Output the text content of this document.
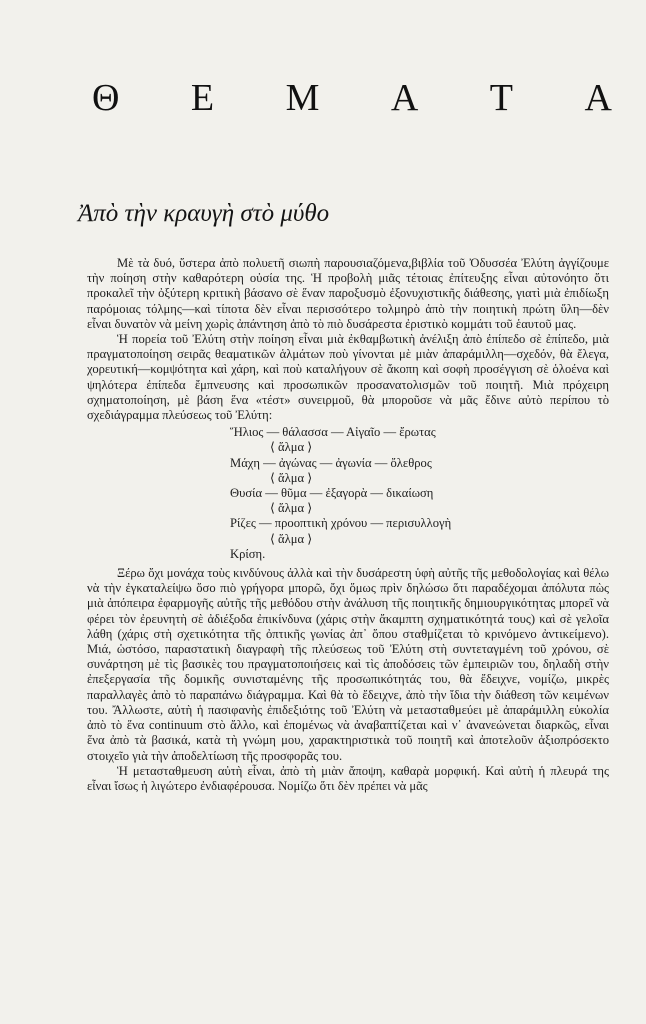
Θ Ε Μ Α Τ Α
Ἀπὸ τὴν κραυγὴ στὸ μύθο

Μὲ τὰ δυό, ὕστερα ἀπὸ πολυετῆ σιωπὴ παρουσιαζόμενα,βιβλία τοῦ Ὀδυσσέα Ἐλύτη ἀγγίζουμε τὴν ποίηση στὴν καθαρότερη οὐσία της. Ἡ προβολὴ μιᾶς τέτοιας ἐπίτευξης εἶναι αὐτονόητο ὅτι προκαλεῖ τὴν ὀξύτερη κριτικὴ βάσανο σὲ ἕναν παροξυσμὸ ἐξονυχιστικῆς διάθεσης, γιατὶ μιὰ ἐπιδίωξη παρόμοιας τόλμης—καὶ τίποτα δὲν εἶναι περισσότερο τολμηρὸ ἀπὸ τὴν ποιητικὴ πρώτη ὕλη—δὲν εἶναι δυνατὸν νὰ μείνη χωρὶς ἀπάντηση ἀπὸ τὸ πιὸ δυσάρεστα ἐριστικὸ κομμάτι τοῦ ἑαυτοῦ μας.

Ἡ πορεία τοῦ Ἐλύτη στὴν ποίηση εἶναι μιὰ ἐκθαμβωτικὴ ἀνέλιξη ἀπὸ ἐπίπεδο σὲ ἐπίπεδο, μιὰ πραγματοποίηση σειρᾶς θεαματικῶν ἁλμάτων ποὺ γίνονται μὲ μιὰν ἀπαράμιλλη—σχεδόν, θὰ ἔλεγα, χορευτική—κομψότητα καὶ χάρη, καὶ ποὺ καταλήγουν σὲ ἄκοπη καὶ σοφὴ προσέγγιση σὲ ὁλοένα καὶ ψηλότερα ἐπίπεδα ἔμπνευσης καὶ προσωπικῶν προσανατολισμῶν τοῦ ποιητῆ. Μιὰ πρόχειρη σχηματοποίηση, μὲ βάση ἕνα «τέστ» συνειρμοῦ, θὰ μποροῦσε νὰ μᾶς ἔδινε αὐτὸ περίπου τὸ σχεδιάγραμμα πλεύσεως τοῦ Ἐλύτη:

Ἥλιος — θάλασσα — Αἰγαῖο — ἔρωτας
⟨ ἅλμα ⟩
Μάχη — ἀγώνας — ἀγωνία — ὄλεθρος
⟨ ἅλμα ⟩
Θυσία — θῦμα — ἐξαγορὰ — δικαίωση
⟨ ἅλμα ⟩
Ρίζες — προοπτικὴ χρόνου — περισυλλογὴ
⟨ ἅλμα ⟩
Κρίση.

Ξέρω ὄχι μονάχα τοὺς κινδύνους ἀλλὰ καὶ τὴν δυσάρεστη ὑφὴ αὐτῆς τῆς μεθοδολογίας καὶ θέλω νὰ τὴν ἐγκαταλείψω ὅσο πιὸ γρήγορα μπορῶ, ὄχι ὅμως πρὶν δηλώσω ὅτι παραδέχομαι ἀπόλυτα πὼς μιὰ ἀπόπειρα ἐφαρμογῆς αὐτῆς τῆς μεθόδου στὴν ἀνάλυση τῆς ποιητικῆς δημιουργικότητας μπορεῖ νὰ φέρει τὸν ἐρευνητὴ σὲ ἀδιέξοδα ἐπικίνδυνα (χάρις στὴν ἄκαμπτη σχηματικότητά τους) καὶ σὲ γελοῖα λάθη (χάρις στὴ σχετικότητα τῆς ὀπτικῆς γωνίας ἀπ᾽ ὅπου σταθμίζεται τὸ κρινόμενο ἀντικείμενο). Μιά, ὡστόσο, παραστατικὴ διαγραφὴ τῆς πλεύσεως τοῦ Ἐλύτη στὴ συντεταγμένη τοῦ χρόνου, σὲ συνάρτηση μὲ τὶς βασικὲς του πραγματοποιήσεις καὶ τὶς ἀποδόσεις τῶν ἐμπειριῶν του, δηλαδὴ στὴν ἐπεξεργασία τῆς δομικῆς συνισταμένης τῆς προσωπικότητάς του, θὰ ἔδειχνε, νομίζω, μικρὲς παραλλαγὲς ἀπὸ τὸ παραπάνω διάγραμμα. Καὶ θὰ τὸ ἔδειχνε, ἀπὸ τὴν ἴδια τὴν διάθεση τῶν κειμένων του. Ἄλλωστε, αὐτὴ ἡ πασιφανὴς ἐπιδεξιότης τοῦ Ἐλύτη νὰ μετασταθμεύει μὲ ἀπαράμιλλη εὐκολία ἀπὸ τὸ ἕνα continuum στὸ ἄλλο, καὶ ἑπομένως νὰ ἀναβαπτίζεται καὶ ν᾽ ἀνανεώνεται διαρκῶς, εἶναι ἕνα ἀπὸ τὰ βασικά, κατὰ τὴ γνώμη μου, χαρακτηριστικὰ τοῦ ποιητῆ καὶ ἀποτελοῦν ἀξιοπρόσεκτο στοιχεῖο γιὰ τὴν ἀποδελτίωση τῆς προσφορᾶς του.

Ἡ μετασταθμευση αὐτὴ εἶναι, ἀπὸ τὴ μιὰν ἄποψη, καθαρὰ μορφική. Καὶ αὐτὴ ἡ πλευρά της εἶναι ἴσως ἡ λιγώτερο ἐνδιαφέρουσα. Νομίζω ὅτι δὲν πρέπει νὰ μᾶς
